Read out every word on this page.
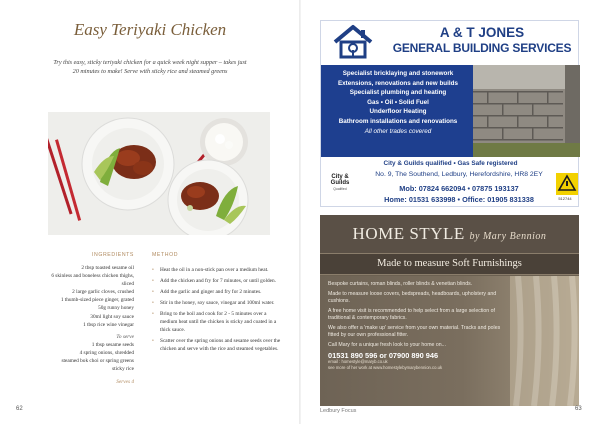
Easy Teriyaki Chicken
Try this easy, sticky teriyaki chicken for a quick week night supper – takes just 20 minutes to make! Serve with sticky rice and steamed greens
INGREDIENTS
2 tbsp toasted sesame oil
6 skinless and boneless chicken thighs,
sliced
2 large garlic cloves, crushed
1 thumb-sized piece ginger, grated
50g runny honey
30ml light soy sauce
1 tbsp rice wine vinegar
To serve
1 tbsp sesame seeds
4 spring onions, shredded
steamed bok choi or spring greens
sticky rice
Serves 4
METHOD
• Heat the oil in a non-stick pan over a medium heat.
• Add the chicken and fry for 7 minutes, or until golden.
• Add the garlic and ginger and fry for 2 minutes.
• Stir in the honey, soy sauce, vinegar and 100ml water.
• Bring to the boil and cook for 2 - 5 minutes over a medium heat until the chicken is sticky and coated in a thick sauce.
• Scatter over the spring onions and sesame seeds over the chicken and serve with the rice and steamed vegetables.
62
A & T JONES
GENERAL BUILDING SERVICES
Specialist bricklaying and stonework
Extensions, renovations and new builds
Specialist plumbing and heating
Gas • Oil • Solid Fuel
Underfloor Heating
Bathroom installations and renovations
All other trades covered
City & Guilds qualified • Gas Safe registered
City & Guilds
Qualified
No. 9, The Southend, Ledbury, Herefordshire, HR8 2EY
Mob: 07824 662094 • 07875 193137
Home: 01531 633998 • Office: 01905 831338	512744
HOME STYLE by Mary Bennion
Made to measure Soft Furnishings

Bespoke curtains, roman blinds, roller blinds & venetian blinds.

Made to measure loose covers, bedspreads, headboards, upholstery and cushions.

A free home visit is recommended to help select from a large selection of traditional & contemporary fabrics.

We also offer a 'make up' service from your own material. Tracks and poles fitted by our own professional fitter.

Call Mary for a unique fresh look to your home on...

01531 890 596 or 07900 890 946
email : homestyle@maryb.co.uk
see more of her work at www.homestylebymarybennion.co.uk
Ledbury Focus	63
